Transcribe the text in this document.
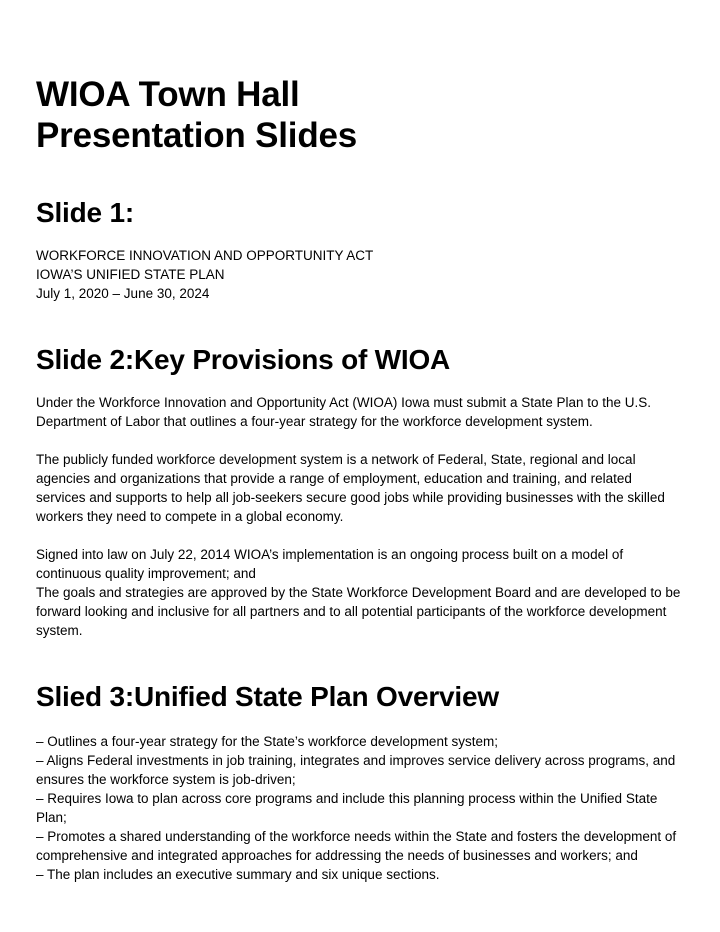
WIOA Town Hall
Presentation Slides
Slide 1:

WORKFORCE INNOVATION AND OPPORTUNITY ACT

IOWA’S UNIFIED STATE PLAN

July 1, 2020 – June 30, 2024

Slide 2:Key Provisions of WIOA

Under the Workforce Innovation and Opportunity Act (WIOA) Iowa must submit a State Plan to the U.S. Department of Labor that outlines a four-year strategy for the workforce development system.

The publicly funded workforce development system is a network of Federal, State, regional and local agencies and organizations that provide a range of employment, education and training, and related services and supports to help all job-seekers secure good jobs while providing businesses with the skilled workers they need to compete in a global economy.

Signed into law on July 22, 2014 WIOA’s implementation is an ongoing process built on a model of continuous quality improvement; and

The goals and strategies are approved by the State Workforce Development Board and are developed to be forward looking and inclusive for all partners and to all potential participants of the workforce development system.

Slied 3:Unified State Plan Overview

– Outlines a four-year strategy for the State’s workforce development system;

– Aligns Federal investments in job training, integrates and improves service delivery across programs, and ensures the workforce system is job-driven;

– Requires Iowa to plan across core programs and include this planning process within the Unified State Plan;

– Promotes a shared understanding of the workforce needs within the State and fosters the development of comprehensive and integrated approaches for addressing the needs of businesses and workers; and

– The plan includes an executive summary and six unique sections.
